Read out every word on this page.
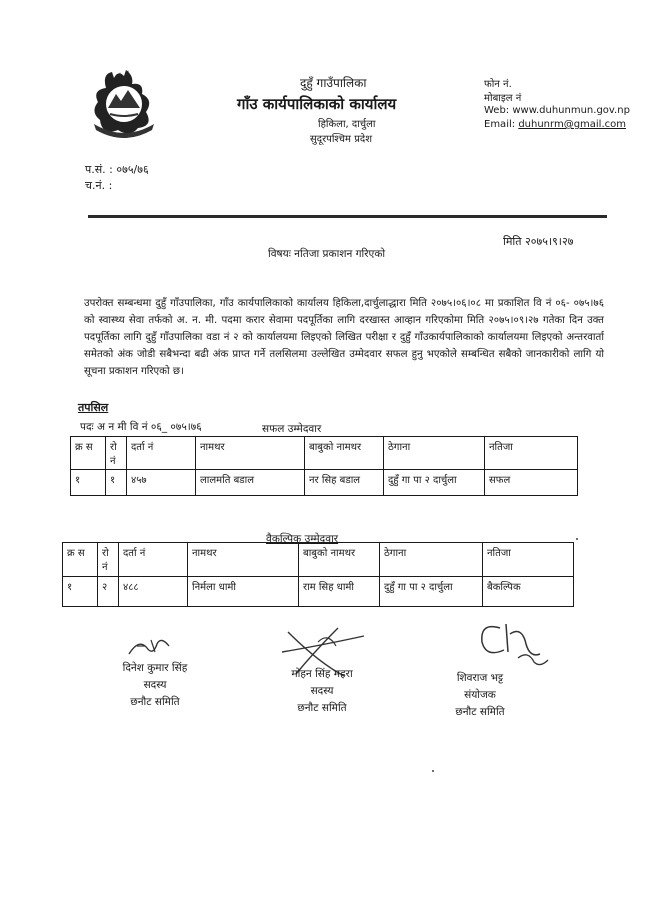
दुहुँ गाउँपालिका
गाँउ कार्यपालिकाको कार्यालय
हिकिला, दार्चुला
सुदूरपश्चिम प्रदेश
फोन नं.
मोबाइल नं
Web: www.duhunmun.gov.np
Email: duhunrm@gmail.com
प.सं. : ०७५/७६
च.नं. :
मिति २०७५।९।२७
विषयः नतिजा प्रकाशन गरिएको
उपरोक्त सम्बन्धमा दुहुँ गाँउपालिका, गाँउ कार्यपालिकाको कार्यालय हिकिला,दार्चुलाद्धारा मिति २०७५।०६।०८ मा प्रकाशित वि नं ०६- ०७५।७६ को स्वास्थ्य सेवा तर्फको अ. न. मी. पदमा करार सेवामा पदपूर्तिका लागि दरखास्त आव्हान गरिएकोमा मिति २०७५।०९।२७ गतेका दिन उक्त पदपूर्तिका लागि दुहुँ गाँउपालिका वडा नं २ को कार्यालयमा लिइएको लिखित परीक्षा र दुहुँ गाँउकार्यपालिकाको कार्यालयमा लिइएको अन्तरवार्ता समेतको अंक जोडी सबैभन्दा बढी अंक प्राप्त गर्ने तलसिलमा उल्लेखित उम्मेदवार सफल हुनु भएकोले सम्बन्धित सबैको जानकारीको लागि यो सूचना प्रकाशन गरिएको छ।
तपसिल
पदः अ न मी वि नं ०६_ ०७५।७६	सफल उम्मेदवार
क्र स	रो नं	दर्ता नं	नामथर	बाबुको नामथर	ठेगाना	नतिजा
१	१	४५७	लालमति बडाल	नर सिह बडाल	दुहुँ गा पा २ दार्चुला	सफल
वैकल्पिक उम्मेदवार
क्र स	रो नं	दर्ता नं	नामथर	बाबुको नामथर	ठेगाना	नतिजा
१	२	४८८	निर्मला धामी	राम सिह धामी	दुहुँ गा पा २ दार्चुला	बैकल्पिक
दिनेश कुमार सिंह
सदस्य
छनौट समिति
मोहन सिंह महरा
सदस्य
छनौट समिति
शिवराज भट्ट
संयोजक
छनौट समिति
